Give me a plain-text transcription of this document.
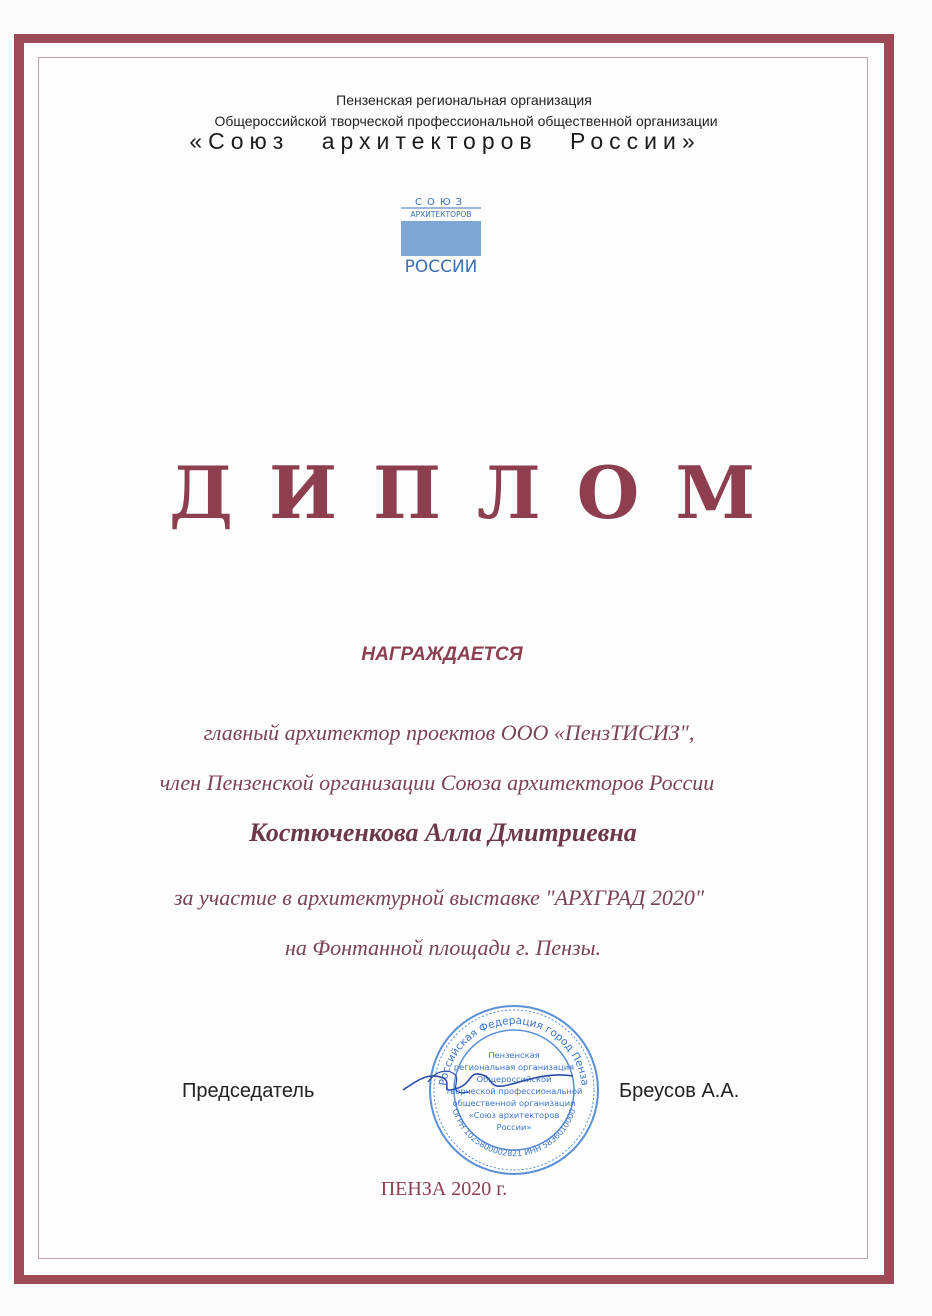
Пензенская региональная организация
Общероссийской творческой профессиональной общественной организации
«Союз архитекторов России»
СОЮЗ
АРХИТЕКТОРОВ
РОССИИ
ДИПЛОМ
НАГРАЖДАЕТСЯ
главный архитектор проектов ООО «ПензТИСИЗ",
член Пензенской организации Союза архитекторов России
Костюченкова Алла Дмитриевна
за участие в архитектурной выставке "АРХГРАД 2020"
на Фонтанной площади г. Пензы.
Председатель	Российская Федерация город Пенза
ОГРН 1025800002821 ИНН 5836010000
Пензенская
региональная организация
Общероссийской
творческой профессиональной
общественной организации
«Союз архитекторов
России»
Бреусов А.А.
ПЕНЗА 2020 г.
